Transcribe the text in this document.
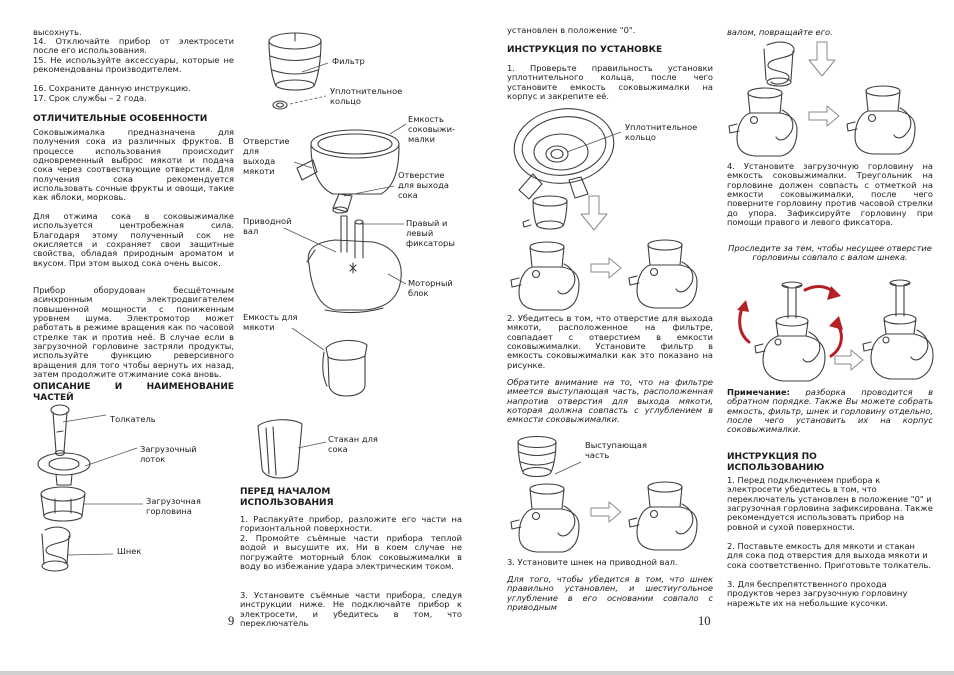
высохнуть.
14. Отключайте прибор от электросети после его использования.
15. Не используйте аксессуары, которые не рекомендованы производителем.
16. Сохраните данную инструкцию.
17. Срок службы – 2 года.
ОТЛИЧИТЕЛЬНЫЕ ОСОБЕННОСТИ
Соковыжималка предназначена для получения сока из различных фруктов. В процессе использования происходит одновременный выброс мякоти и подача сока через соотвествующие отверстия. Для получения сока рекомендуется использовать сочные фрукты и овощи, такие как яблоки, морковь.
Для отжима сока в соковыжималке используется центробежная сила. Благодаря этому полученный сок не окисляется и сохраняет свои защитные свойства, обладая природным ароматом и вкусом. При этом выход сока очень высок.
Прибор оборудован бесщёточным асинхронным электродвигателем повышенной мощности с пониженным уровнем шума. Электромотор может работать в режиме вращения как по часовой стрелке так и против неё. В случае если в загрузочной горловине застряли продукты, используйте функцию реверсивного вращения для того чтобы вернуть их назад, затем продолжите отжимание сока вновь.
ОПИСАНИЕ И НАИМЕНОВАНИЕ ЧАСТЕЙ
Толкатель
Загрузочный лоток
Загрузочная горловина
Шнек
Фильтр
Уплотнительное кольцо
Емкость соковыжи-малки
Отверстие для выхода мякоти	Отверстие для выхода сока
Приводной вал
Правый и левый фиксаторы
Моторный блок
Емкость для мякоти
Стакан для сока
ПЕРЕД НАЧАЛОМ ИСПОЛЬЗОВАНИЯ
1. Распакуйте прибор, разложите его части на горизонтальной поверхности.
2. Промойте съёмные части прибора теплой водой и высушите их. Ни в коем случае не погружайте моторный блок соковыжималки в воду во избежание удара электрическим током.
3. Установите съёмные части прибора, следуя инструкции ниже. Не подключайте прибор к электросети, и убедитесь в том, что переключатель
установлен в положение "0".
ИНСТРУКЦИЯ ПО УСТАНОВКЕ
1. Проверьте правильность установки уплотнительного кольца, после чего установите емкость соковыжималки на корпус и закрепите её.
Уплотнительное кольцо
2. Убедитесь в том, что отверстие для выхода мякоти, расположенное на фильтре, совпадает с отверстием в емкости соковыжималки. Установите фильтр в емкость соковыжималки как это показано на рисунке.
Обратите внимание на то, что на фильтре имеется выступающая часть, расположенная напротив отверстия для выхода мякоти, которая должна совпасть с углублением в емкости соковыжималки.
Выступающая часть
3. Установите шнек на приводной вал.
Для того, чтобы убедится в том, что шнек правильно установлен, и шестиугольное углубление в его основании совпало с приводным
валом, повращайте его.
4. Установите загрузочную горловину на емкость соковыжималки. Треугольник на горловине должен совпасть с отметкой на емкости соковыжималки, после чего поверните горловину против часовой стрелки до упора. Зафиксируйте горловину при помощи правого и левого фиксатора.
Проследите за тем, чтобы несущее отверстие горловины совпало с валом шнека.
Примечание: разборка проводится в обратном порядке. Также Вы можете собрать емкость, фильтр, шнек и горловину отдельно, после чего установить их на корпус соковыжималки.
ИНСТРУКЦИЯ ПО ИСПОЛЬЗОВАНИЮ
1. Перед подключением прибора к электросети убедитесь в том, что переключатель установлен в положение "0" и загрузочная горловина зафиксирована. Также рекомендуется использовать прибор на ровной и сухой поверхности.
2. Поставьте емкость для мякоти и стакан для сока под отверстия для выхода мякоти и сока соответственно. Приготовьте толкатель.
3. Для беспрепятственного прохода продуктов через загрузочную горловину нарежьте их на небольшие кусочки.
9	10
